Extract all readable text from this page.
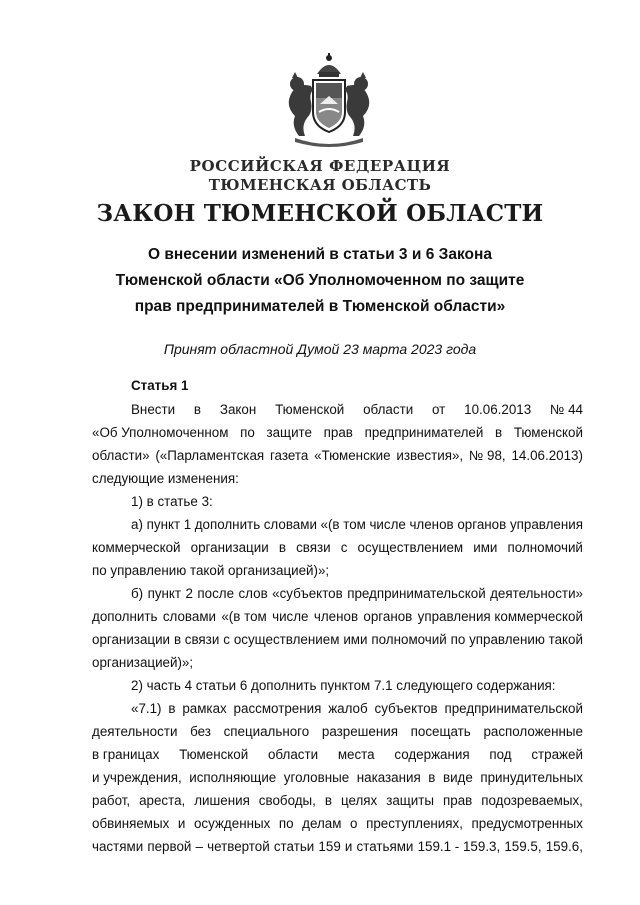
РОССИЙСКАЯ ФЕДЕРАЦИЯ
ТЮМЕНСКАЯ ОБЛАСТЬ
ЗАКОН ТЮМЕНСКОЙ ОБЛАСТИ
О внесении изменений в статьи 3 и 6 Закона
Тюменской области «Об Уполномоченном по защите
прав предпринимателей в Тюменской области»
Принят областной Думой 23 марта 2023 года
Статья 1
Внести в Закон Тюменской области от 10.06.2013 № 44
«Об Уполномоченном по защите прав предпринимателей в Тюменской
области» («Парламентская газета «Тюменские известия», № 98, 14.06.2013)
следующие изменения:
1) в статье 3:
а) пункт 1 дополнить словами «(в том числе членов органов управления
коммерческой организации в связи с осуществлением ими полномочий
по управлению такой организацией)»;
б) пункт 2 после слов «субъектов предпринимательской деятельности»
дополнить словами «(в том числе членов органов управления коммерческой
организации в связи с осуществлением ими полномочий по управлению такой
организацией)»;
2) часть 4 статьи 6 дополнить пунктом 7.1 следующего содержания:
«7.1) в рамках рассмотрения жалоб субъектов предпринимательской
деятельности без специального разрешения посещать расположенные
в границах Тюменской области места содержания под стражей
и учреждения, исполняющие уголовные наказания в виде принудительных
работ, ареста, лишения свободы, в целях защиты прав подозреваемых,
обвиняемых и осужденных по делам о преступлениях, предусмотренных
частями первой – четвертой статьи 159 и статьями 159.1 - 159.3, 159.5, 159.6,
